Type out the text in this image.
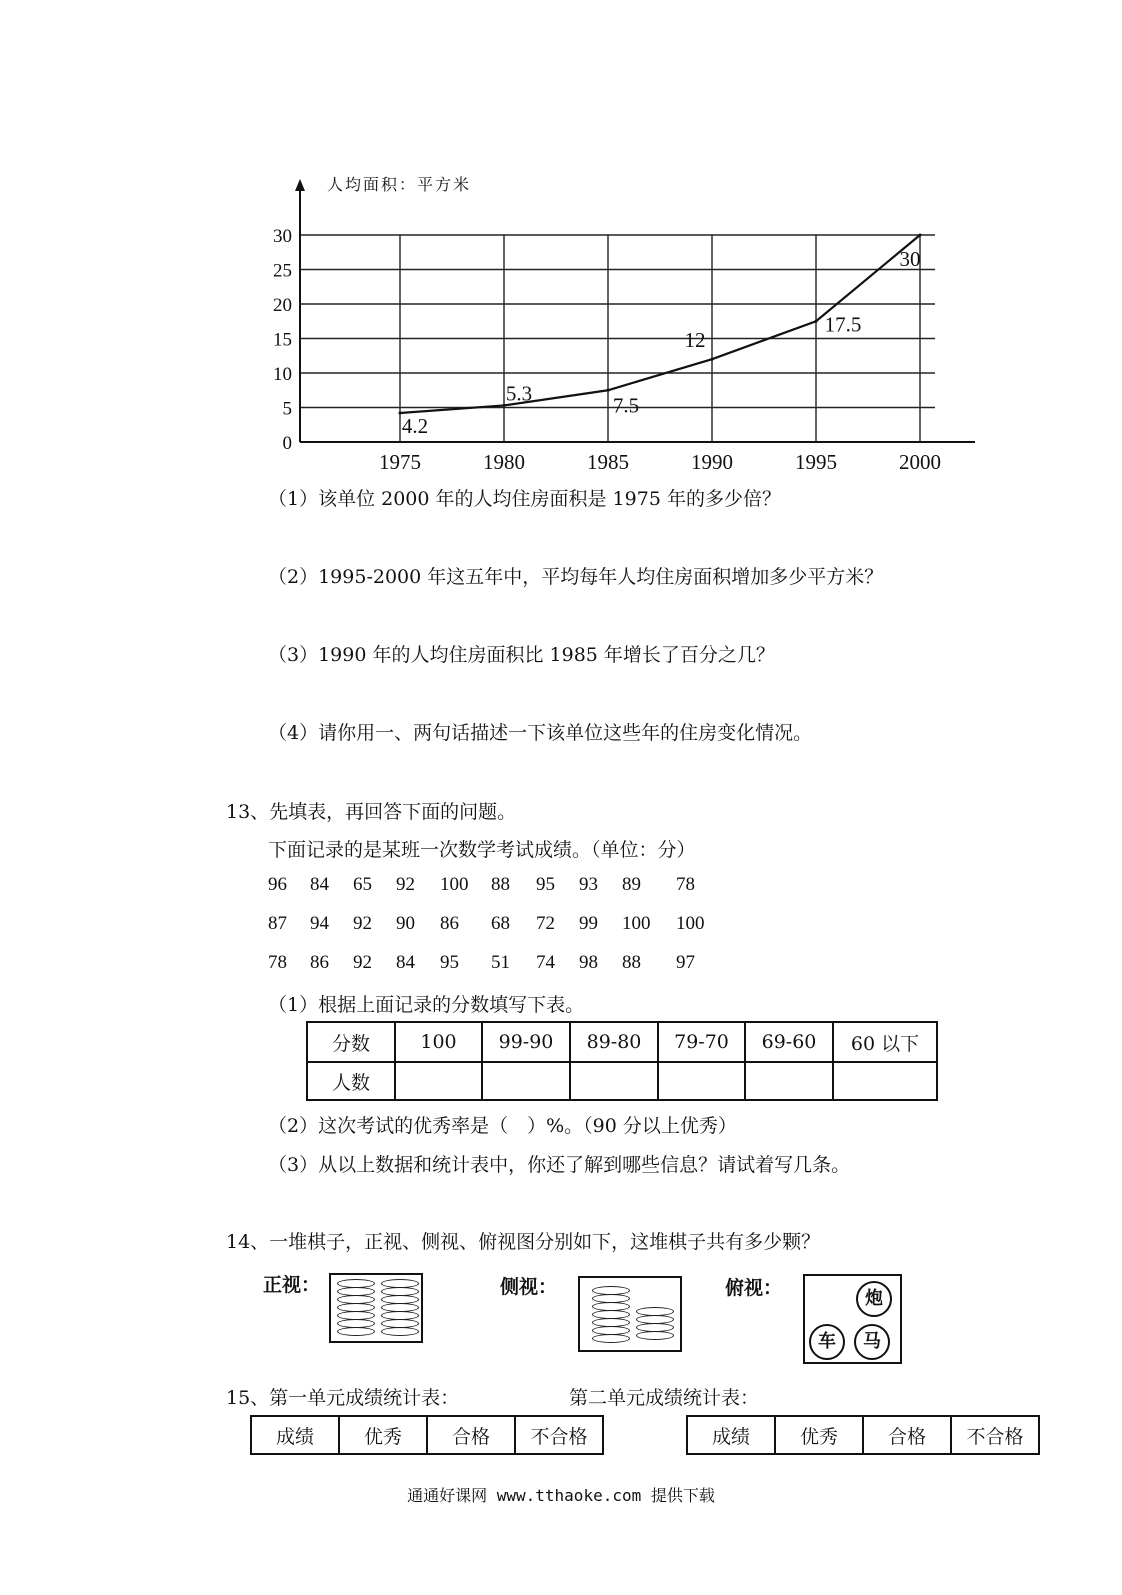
0
5
10
15
20
25
30
1975	1980	1985	1990	1995	2000
4.2
5.3	7.5
12
17.5
30
人均面积：平方米
（1）该单位 2000 年的人均住房面积是 1975 年的多少倍？
（2）1995-2000 年这五年中，平均每年人均住房面积增加多少平方米？
（3）1990 年的人均住房面积比 1985 年增长了百分之几？
（4）请你用一、两句话描述一下该单位这些年的住房变化情况。
13、先填表，再回答下面的问题。
下面记录的是某班一次数学考试成绩。（单位：分）
96 84 65 92 100 88 95 93 89 78
87 94 92 90 86 68 72 99 100 100
78 86 92 84 95 51 74 98 88 97
（1）根据上面记录的分数填写下表。
分数	100	99-90	89-80	79-70	69-60	60 以下
人数						
（2）这次考试的优秀率是（　）%。（90 分以上优秀）
（3）从以上数据和统计表中，你还了解到哪些信息？请试着写几条。
14、一堆棋子，正视、侧视、俯视图分别如下，这堆棋子共有多少颗？
正视：	侧视：	俯视：	炮
车	马
15、第一单元成绩统计表：	第二单元成绩统计表：
成绩	优秀	合格	不合格	成绩	优秀	合格	不合格
通通好课网 www.tthaoke.com 提供下载
